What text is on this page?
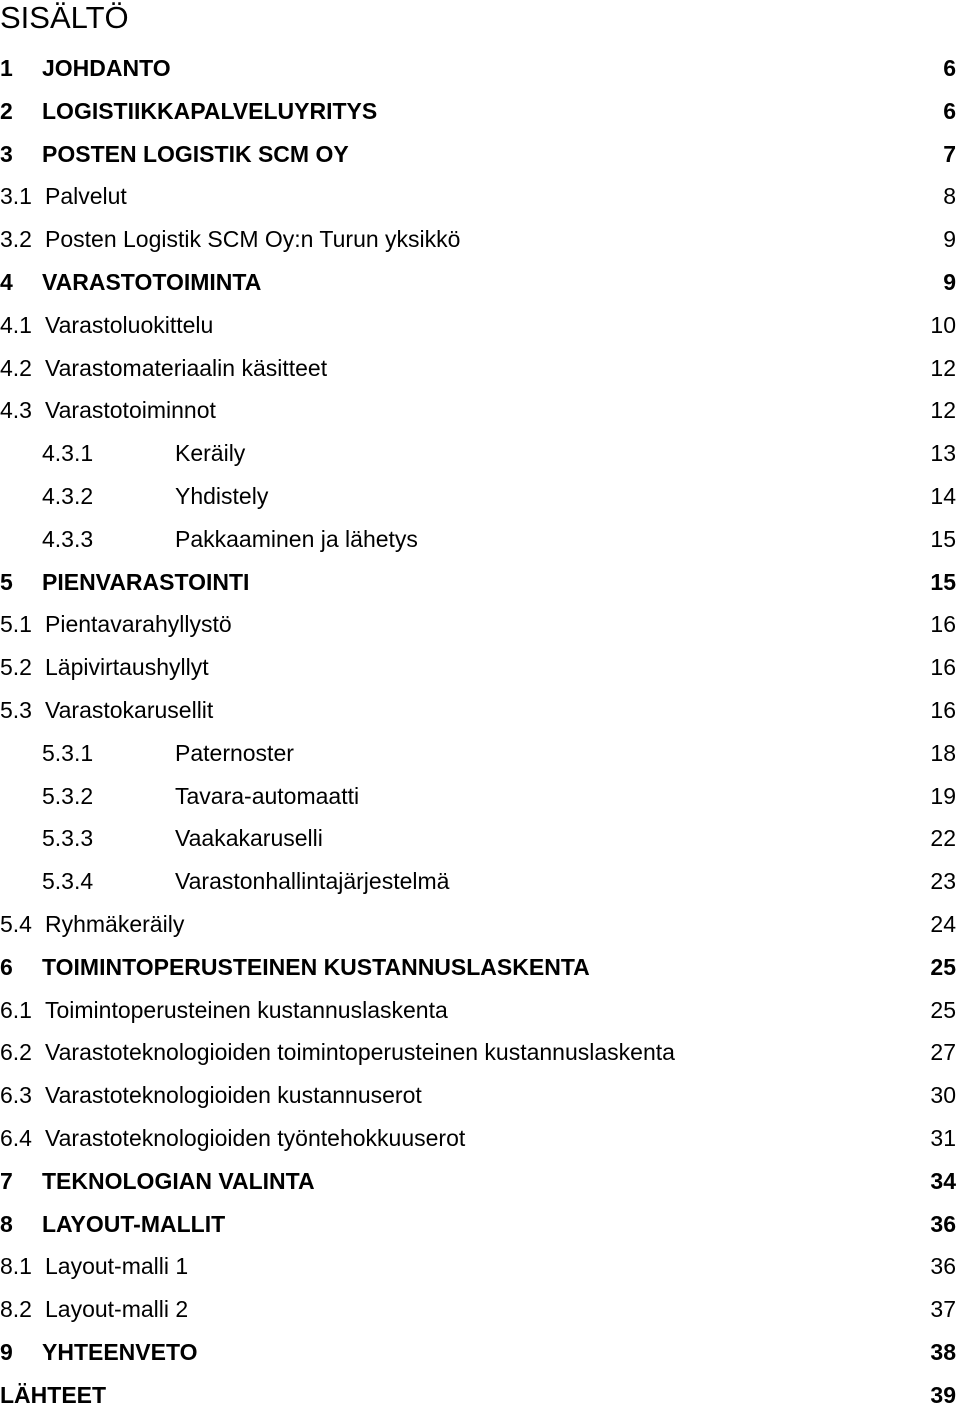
SISÄLTÖ
1 JOHDANTO	6
2 LOGISTIIKKAPALVELUYRITYS	6
3 POSTEN LOGISTIK SCM OY	7
3.1 Palvelut	8
3.2 Posten Logistik SCM Oy:n Turun yksikkö	9
4 VARASTOTOIMINTA	9
4.1 Varastoluokittelu	10
4.2 Varastomateriaalin käsitteet	12
4.3 Varastotoiminnot	12
4.3.1	Keräily	13
4.3.2	Yhdistely	14
4.3.3	Pakkaaminen ja lähetys	15
5 PIENVARASTOINTI	15
5.1 Pientavarahyllystö	16
5.2 Läpivirtaushyllyt	16
5.3 Varastokarusellit	16
5.3.1	Paternoster	18
5.3.2	Tavara-automaatti	19
5.3.3	Vaakakaruselli	22
5.3.4	Varastonhallintajärjestelmä	23
5.4 Ryhmäkeräily	24
6 TOIMINTOPERUSTEINEN KUSTANNUSLASKENTA	25
6.1 Toimintoperusteinen kustannuslaskenta	25
6.2 Varastoteknologioiden toimintoperusteinen kustannuslaskenta	27
6.3 Varastoteknologioiden kustannuserot	30
6.4 Varastoteknologioiden työntehokkuuserot	31
7 TEKNOLOGIAN VALINTA	34
8 LAYOUT-MALLIT	36
8.1 Layout-malli 1	36
8.2 Layout-malli 2	37
9 YHTEENVETO	38
LÄHTEET	39
